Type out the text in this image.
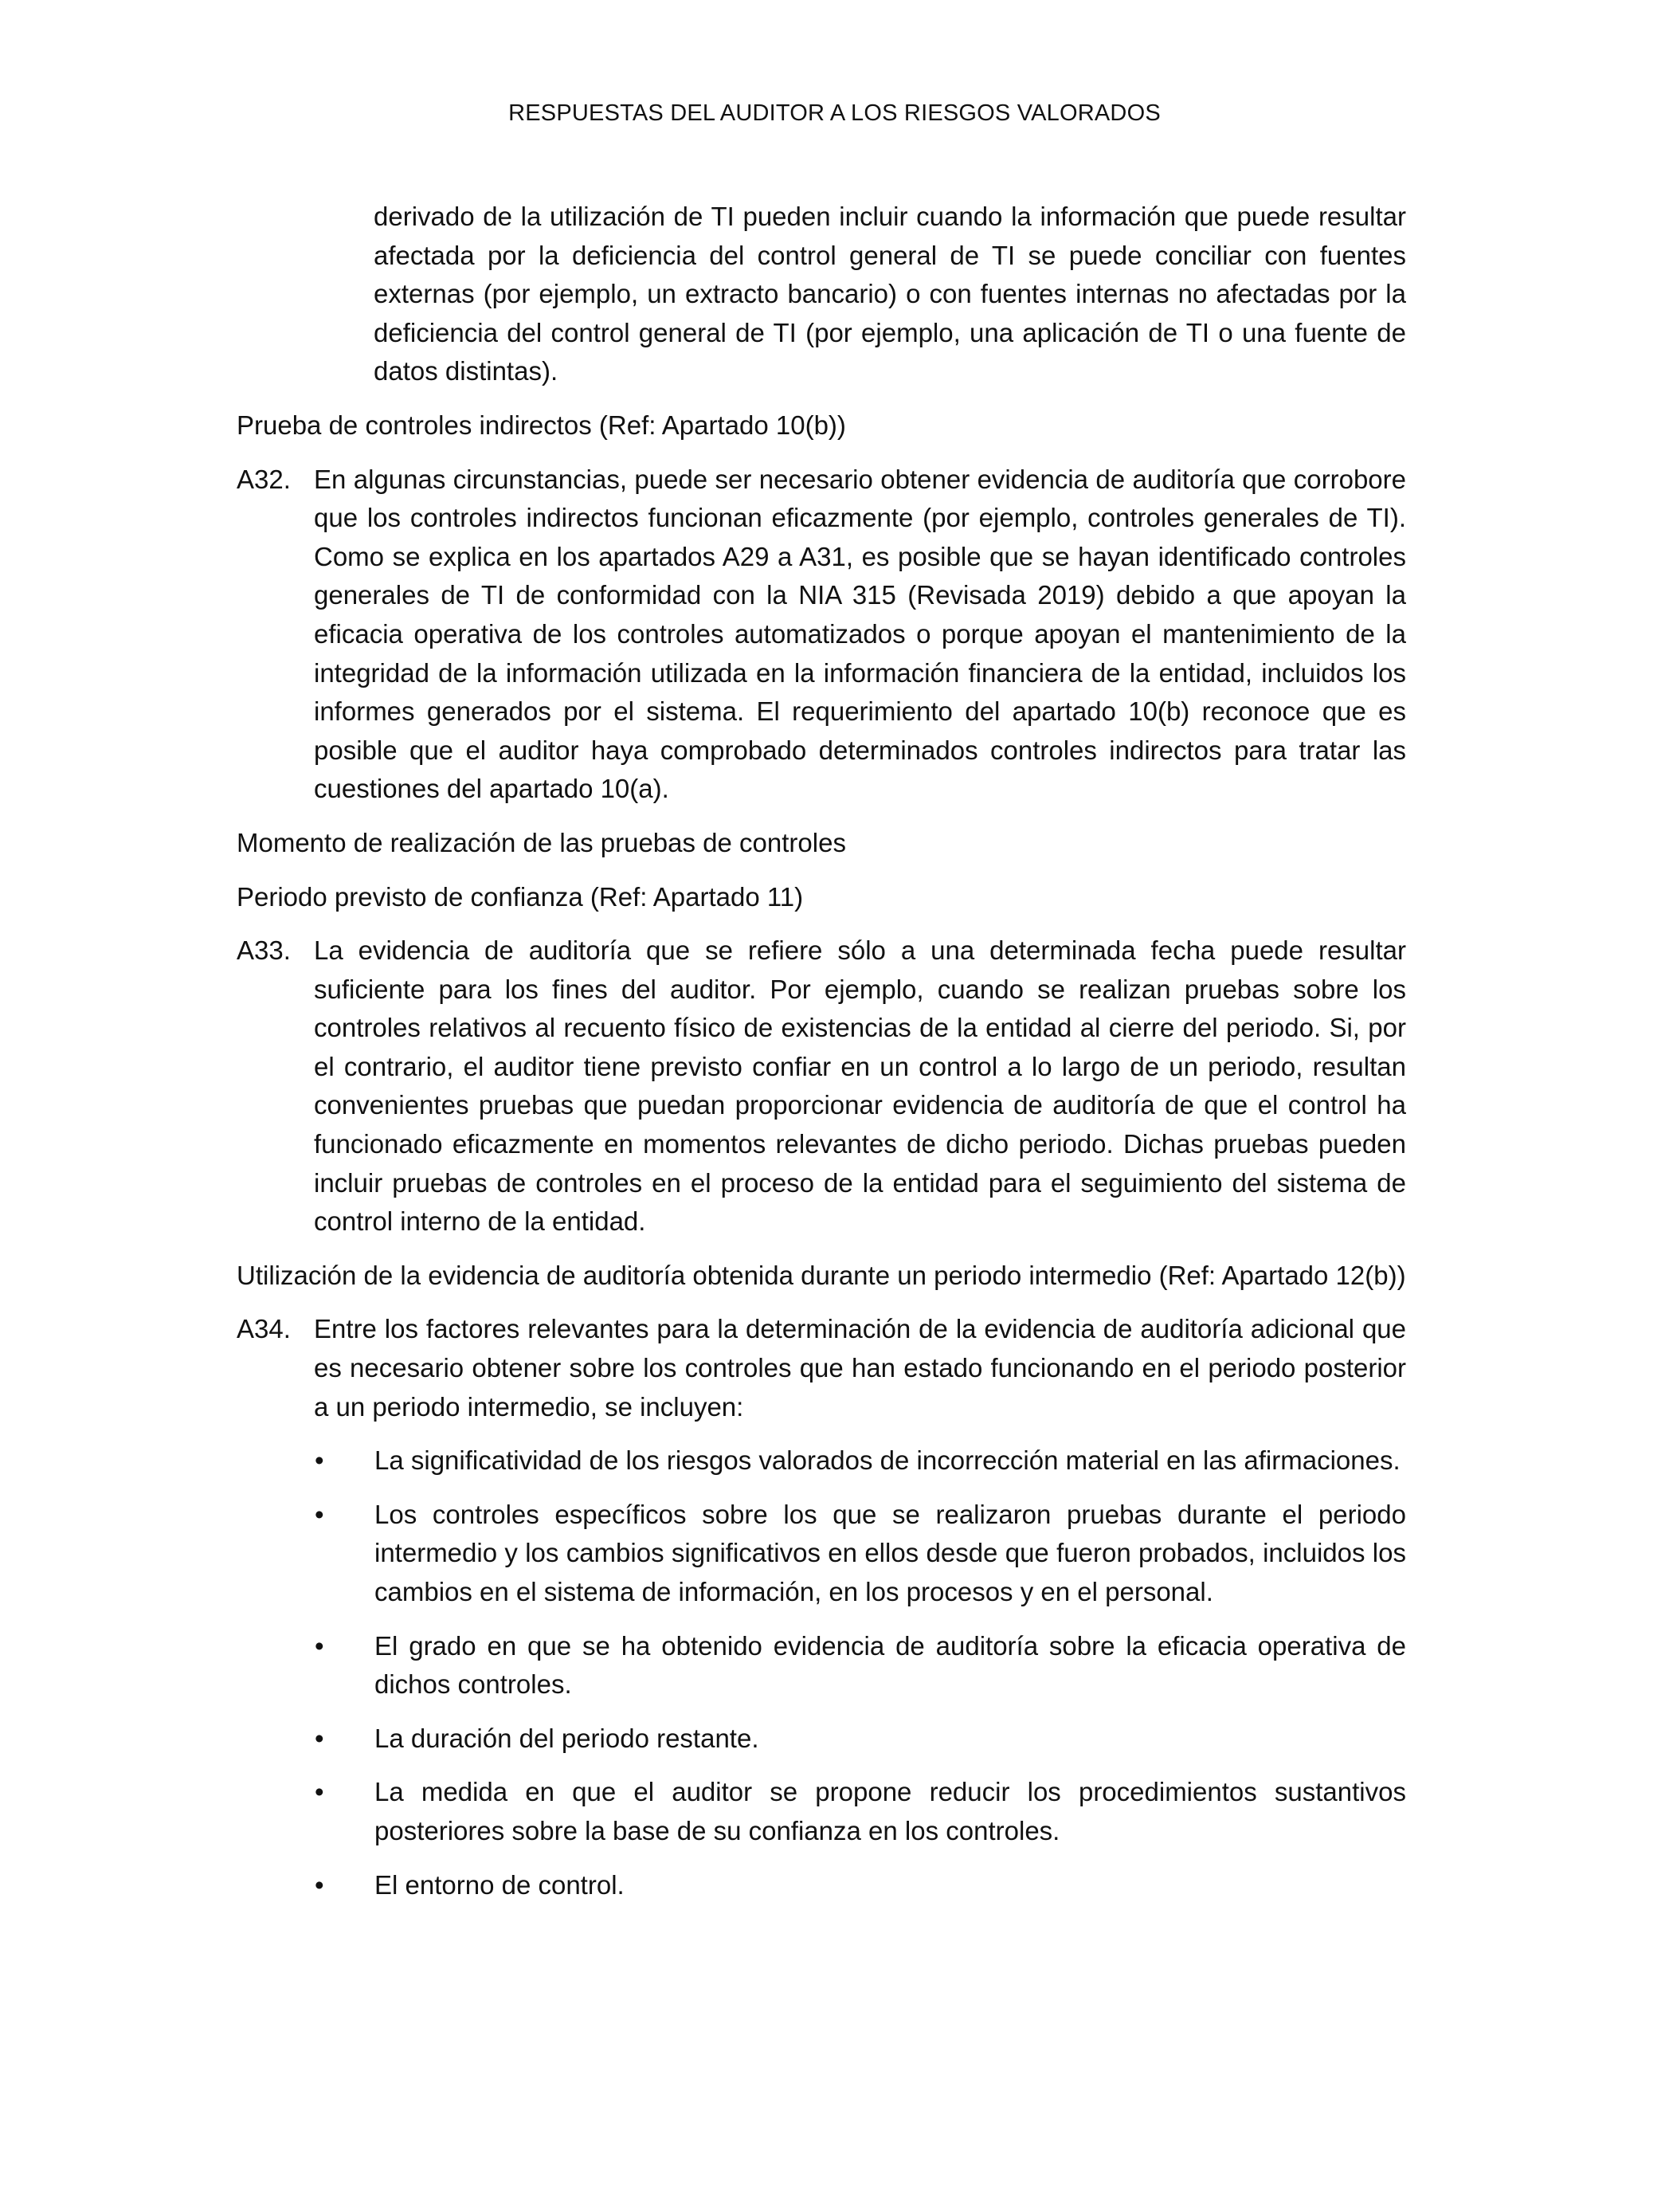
RESPUESTAS DEL AUDITOR A LOS RIESGOS VALORADOS

derivado de la utilización de TI pueden incluir cuando la información que puede resultar afectada por la deficiencia del control general de TI se puede conciliar con fuentes externas (por ejemplo, un extracto bancario) o con fuentes internas no afectadas por la deficiencia del control general de TI (por ejemplo, una aplicación de TI o una fuente de datos distintas).

Prueba de controles indirectos (Ref: Apartado 10(b))

A32. En algunas circunstancias, puede ser necesario obtener evidencia de auditoría que corrobore que los controles indirectos funcionan eficazmente (por ejemplo, controles generales de TI). Como se explica en los apartados A29 a A31, es posible que se hayan identificado controles generales de TI de conformidad con la NIA 315 (Revisada 2019) debido a que apoyan la eficacia operativa de los controles automatizados o porque apoyan el mantenimiento de la integridad de la información utilizada en la información financiera de la entidad, incluidos los informes generados por el sistema. El requerimiento del apartado 10(b) reconoce que es posible que el auditor haya comprobado determinados controles indirectos para tratar las cuestiones del apartado 10(a).

Momento de realización de las pruebas de controles

Periodo previsto de confianza (Ref: Apartado 11)

A33. La evidencia de auditoría que se refiere sólo a una determinada fecha puede resultar suficiente para los fines del auditor. Por ejemplo, cuando se realizan pruebas sobre los controles relativos al recuento físico de existencias de la entidad al cierre del periodo. Si, por el contrario, el auditor tiene previsto confiar en un control a lo largo de un periodo, resultan convenientes pruebas que puedan proporcionar evidencia de auditoría de que el control ha funcionado eficazmente en momentos relevantes de dicho periodo. Dichas pruebas pueden incluir pruebas de controles en el proceso de la entidad para el seguimiento del sistema de control interno de la entidad.

Utilización de la evidencia de auditoría obtenida durante un periodo intermedio (Ref: Apartado 12(b))

A34. Entre los factores relevantes para la determinación de la evidencia de auditoría adicional que es necesario obtener sobre los controles que han estado funcionando en el periodo posterior a un periodo intermedio, se incluyen:
•	La significatividad de los riesgos valorados de incorrección material en las afirmaciones.
•	Los controles específicos sobre los que se realizaron pruebas durante el periodo intermedio y los cambios significativos en ellos desde que fueron probados, incluidos los cambios en el sistema de información, en los procesos y en el personal.
•	El grado en que se ha obtenido evidencia de auditoría sobre la eficacia operativa de dichos controles.
•	La duración del periodo restante.
•	La medida en que el auditor se propone reducir los procedimientos sustantivos posteriores sobre la base de su confianza en los controles.
•	El entorno de control.
